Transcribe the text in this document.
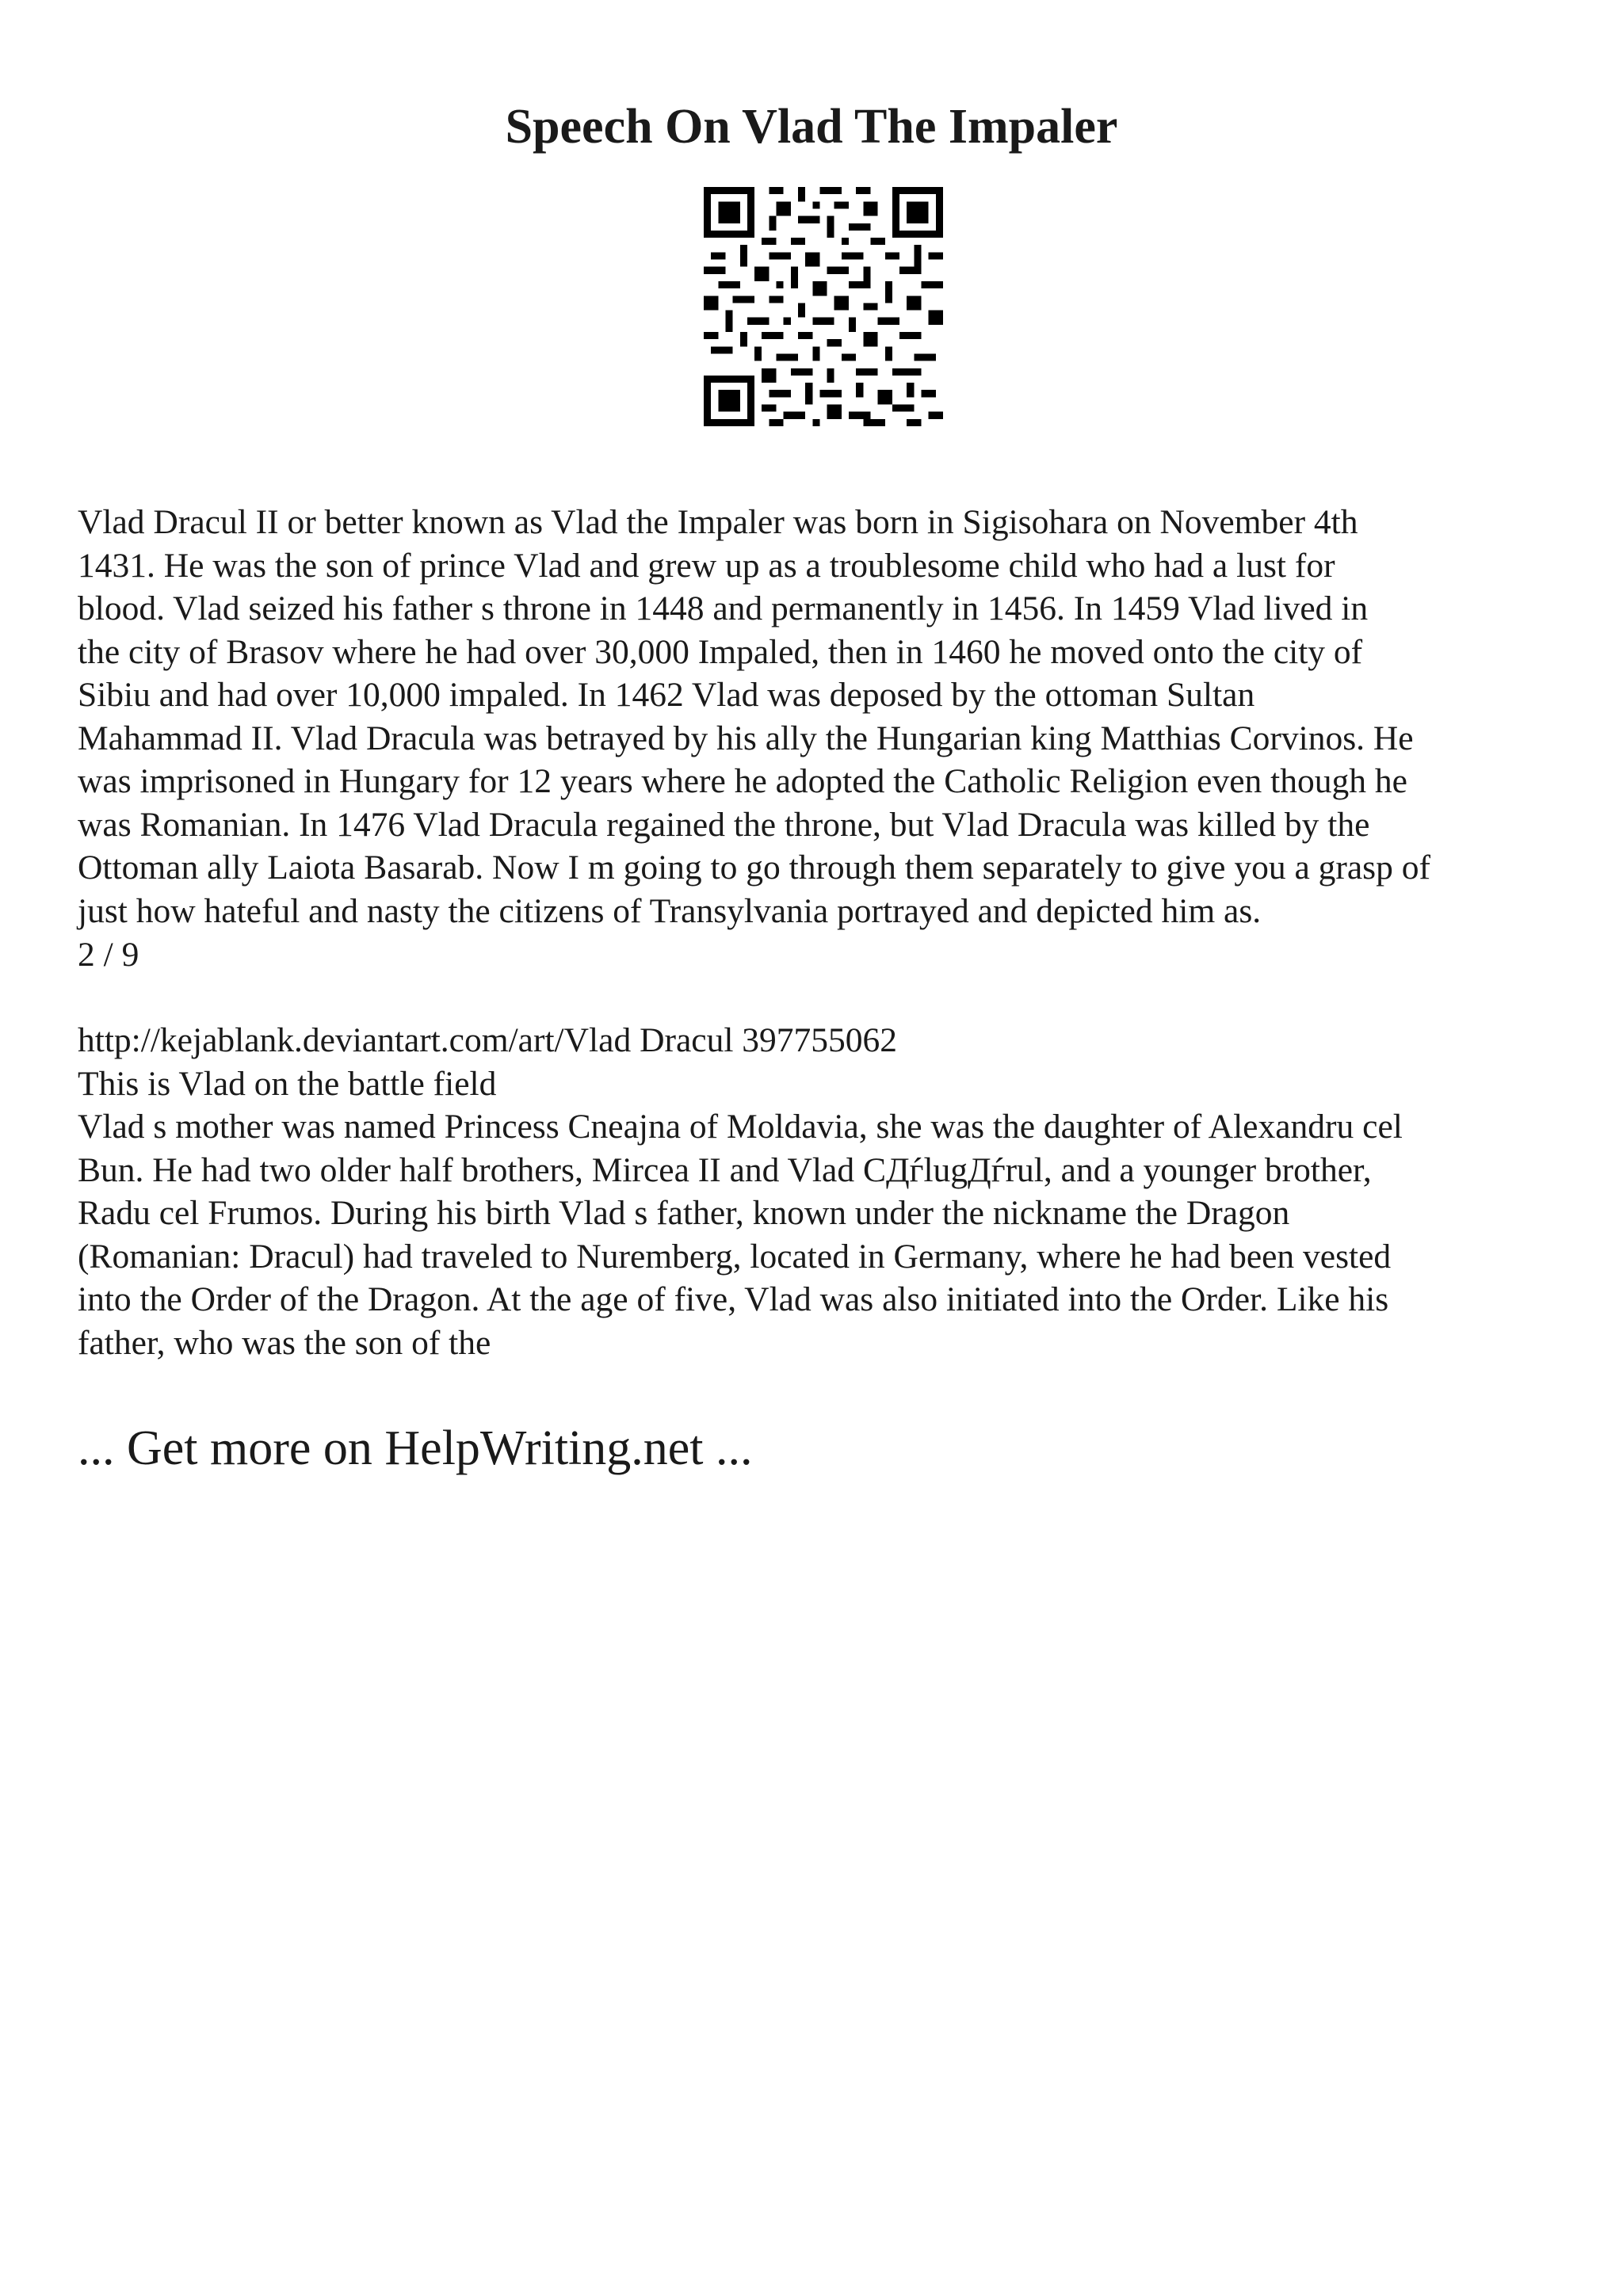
Speech On Vlad The Impaler
Vlad Dracul II or better known as Vlad the Impaler was born in Sigisohara on November 4th
1431. He was the son of prince Vlad and grew up as a troublesome child who had a lust for
blood. Vlad seized his father s throne in 1448 and permanently in 1456. In 1459 Vlad lived in
the city of Brasov where he had over 30,000 Impaled, then in 1460 he moved onto the city of
Sibiu and had over 10,000 impaled. In 1462 Vlad was deposed by the ottoman Sultan
Mahammad II. Vlad Dracula was betrayed by his ally the Hungarian king Matthias Corvinos. He
was imprisoned in Hungary for 12 years where he adopted the Catholic Religion even though he
was Romanian. In 1476 Vlad Dracula regained the throne, but Vlad Dracula was killed by the
Ottoman ally Laiota Basarab. Now I m going to go through them separately to give you a grasp of
just how hateful and nasty the citizens of Transylvania portrayed and depicted him as.
2 / 9
http://kejablank.deviantart.com/art/Vlad Dracul 397755062
This is Vlad on the battle field
Vlad s mother was named Princess Cneajna of Moldavia, she was the daughter of Alexandru cel
Bun. He had two older half brothers, Mircea II and Vlad CДѓlugДѓrul, and a younger brother,
Radu cel Frumos. During his birth Vlad s father, known under the nickname the Dragon
(Romanian: Dracul) had traveled to Nuremberg, located in Germany, where he had been vested
into the Order of the Dragon. At the age of five, Vlad was also initiated into the Order. Like his
father, who was the son of the
... Get more on HelpWriting.net ...
